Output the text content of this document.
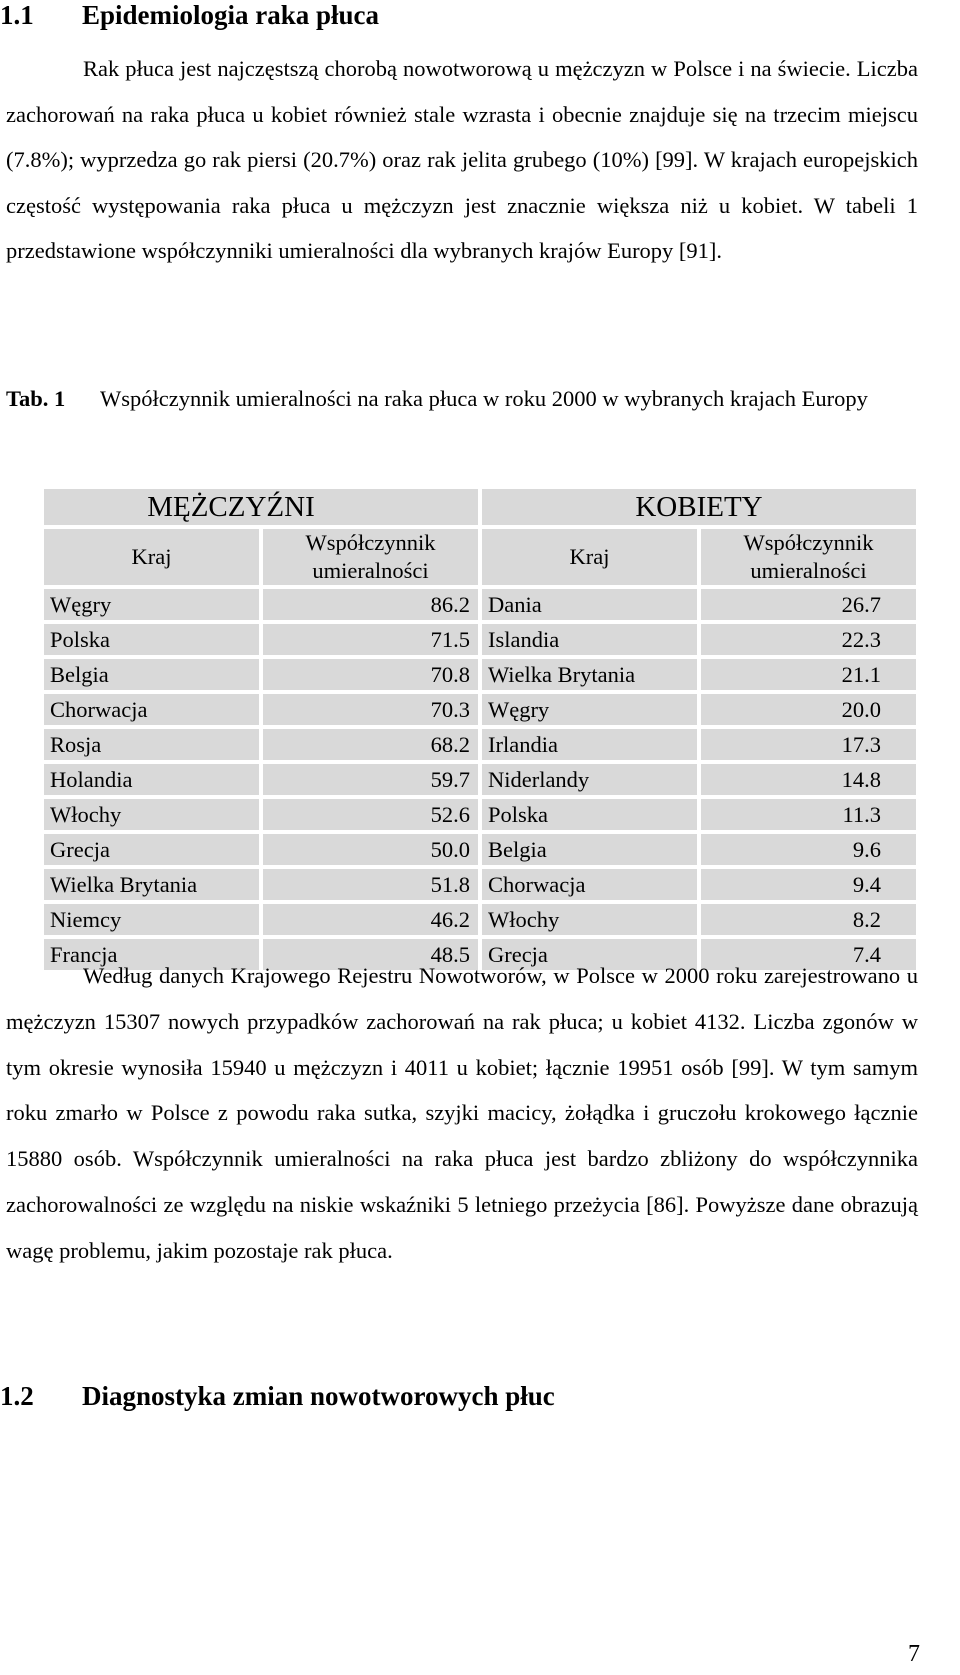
1.1 Epidemiologia raka płuca

Rak płuca jest najczęstszą chorobą nowotworową u mężczyzn w Polsce i na świecie. Liczba zachorowań na raka płuca u kobiet również stale wzrasta i obecnie znajduje się na trzecim miejscu (7.8%); wyprzedza go rak piersi (20.7%) oraz rak jelita grubego (10%) [99]. W krajach europejskich częstość występowania raka płuca u mężczyzn jest znacznie większa niż u kobiet. W tabeli 1 przedstawione współczynniki umieralności dla wybranych krajów Europy [91].

Tab. 1 Współczynnik umieralności na raka płuca w roku 2000 w wybranych krajach Europy
MĘŻCZYŹNI		KOBIETY	
Kraj	Współczynnik umieralności	Kraj	Współczynnik umieralności
Węgry	86.2	Dania	26.7
Polska	71.5	Islandia	22.3
Belgia	70.8	Wielka Brytania	21.1
Chorwacja	70.3	Węgry	20.0
Rosja	68.2	Irlandia	17.3
Holandia	59.7	Niderlandy	14.8
Włochy	52.6	Polska	11.3
Grecja	50.0	Belgia	9.6
Wielka Brytania	51.8	Chorwacja	9.4
Niemcy	46.2	Włochy	8.2
Francja	48.5	Grecja	7.4

Według danych Krajowego Rejestru Nowotworów, w Polsce w 2000 roku zarejestrowano u mężczyzn 15307 nowych przypadków zachorowań na rak płuca; u kobiet 4132. Liczba zgonów w tym okresie wynosiła 15940 u mężczyzn i 4011 u kobiet; łącznie 19951 osób [99]. W tym samym roku zmarło w Polsce z powodu raka sutka, szyjki macicy, żołądka i gruczołu krokowego łącznie 15880 osób. Współczynnik umieralności na raka płuca jest bardzo zbliżony do współczynnika zachorowalności ze względu na niskie wskaźniki 5 letniego przeżycia [86]. Powyższe dane obrazują wagę problemu, jakim pozostaje rak płuca.

1.2 Diagnostyka zmian nowotworowych płuc
7
